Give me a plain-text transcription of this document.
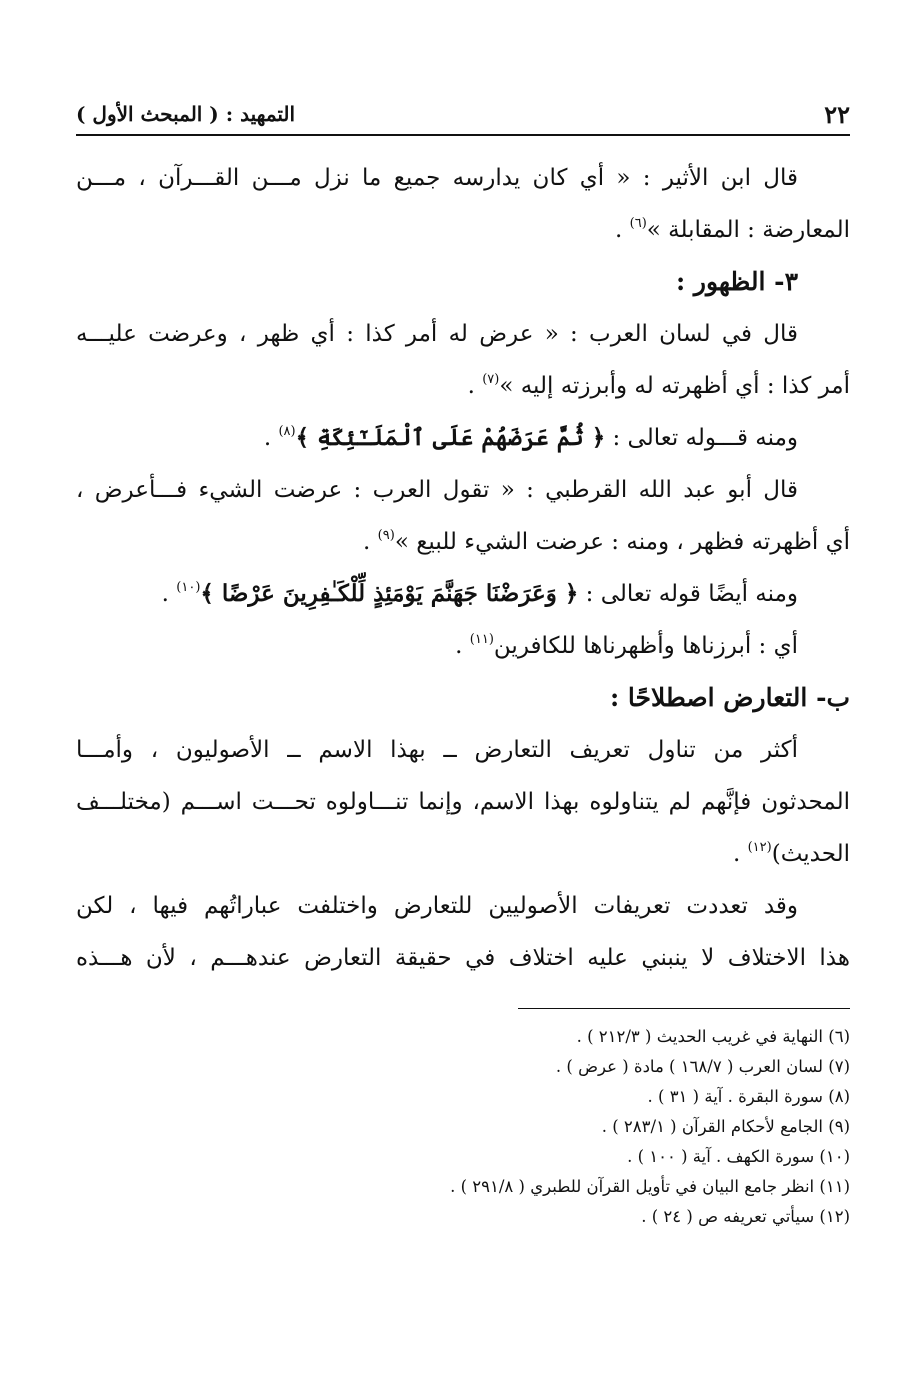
٢٢
التمهيد : ( المبحث الأول )
قال ابن الأثير : « أي كان يدارسه جميع ما نزل مـــن القـــرآن ، مـــن
المعارضة : المقابلة »$^{(٦)}$ .
٣- الظهور :
قال في لسان العرب : « عرض له أمر كذا : أي ظهر ، وعرضت عليـــه
أمر كذا : أي أظهرته له وأبرزته إليه »$^{(٧)}$ .
ومنه قـــوله تعالى : ﴿ ثُمَّ عَرَضَهُمْ عَلَى ٱلْمَلَـٰٓئِكَةِ ﴾$^{(٨)}$ .
قال أبو عبد الله القرطبي : « تقول العرب : عرضت الشيء فـــأعرض ،
أي أظهرته فظهر ، ومنه : عرضت الشيء للبيع »$^{(٩)}$ .
ومنه أيضًا قوله تعالى : ﴿ وَعَرَضْنَا جَهَنَّمَ يَوْمَئِذٍ لِّلْكَـٰفِرِينَ عَرْضًا ﴾$^{(١٠)}$ .
أي : أبرزناها وأظهرناها للكافرين$^{(١١)}$ .
ب- التعارض اصطلاحًا :
أكثر من تناول تعريف التعارض ــ بهذا الاسم ــ الأصوليون ، وأمـــا
المحدثون فإنَّهم لم يتناولوه بهذا الاسم، وإنما تنـــاولوه تحـــت اســـم (مختلـــف
الحديث)$^{(١٢)}$ .
وقد تعددت تعريفات الأصوليين للتعارض واختلفت عباراتُهم فيها ، لكن
هذا الاختلاف لا ينبني عليه اختلاف في حقيقة التعارض عندهـــم ، لأن هـــذه
(٦) النهاية في غريب الحديث ( ٢١٢/٣ ) .
(٧) لسان العرب ( ١٦٨/٧ ) مادة ( عرض ) .
(٨) سورة البقرة . آية ( ٣١ ) .
(٩) الجامع لأحكام القرآن ( ٢٨٣/١ ) .
(١٠) سورة الكهف . آية ( ١٠٠ ) .
(١١) انظر جامع البيان في تأويل القرآن للطبري ( ٢٩١/٨ ) .
(١٢) سيأتي تعريفه ص ( ٢٤ ) .
